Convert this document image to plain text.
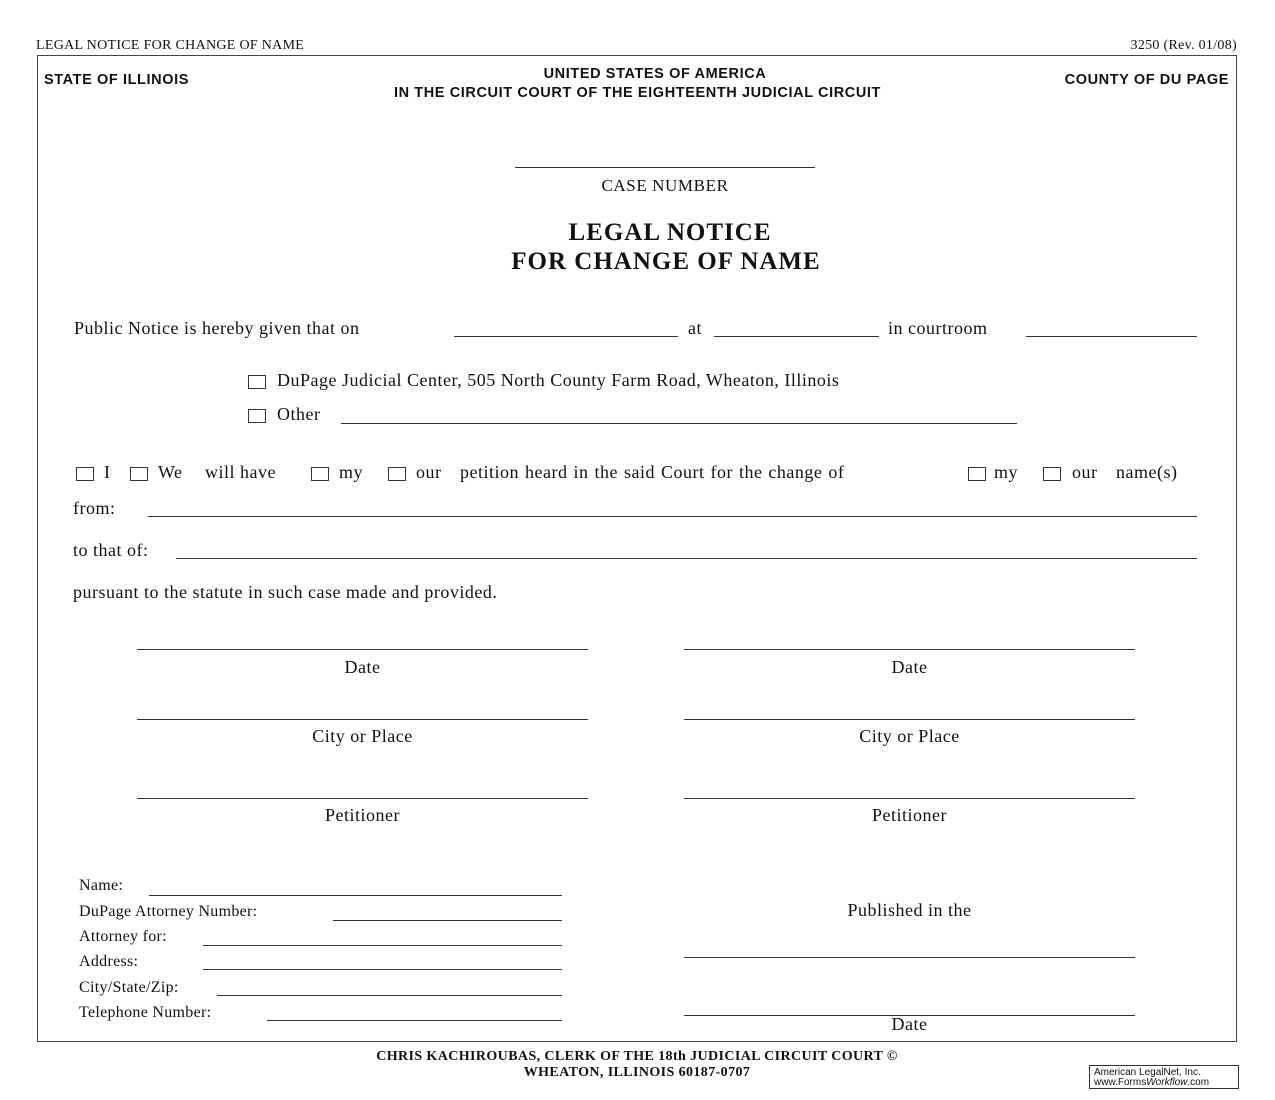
LEGAL NOTICE FOR CHANGE OF NAME	3250 (Rev. 01/08)
STATE OF ILLINOIS	UNITED STATES OF AMERICA
IN THE CIRCUIT COURT OF THE EIGHTEENTH JUDICIAL CIRCUIT
COUNTY OF DU PAGE
CASE NUMBER
LEGAL NOTICE
FOR CHANGE OF NAME
Public Notice is hereby given that on	at	in courtroom
DuPage Judicial Center, 505 North County Farm Road, Wheaton, Illinois
Other
I	We will have	my	our petition heard in the said Court for the change of	my	our name(s)
from:
to that of:
pursuant to the statute in such case made and provided.
Date
City or Place
Petitioner
Date
City or Place
Petitioner
Name:
DuPage Attorney Number:
Attorney for:
Address:
City/State/Zip:
Telephone Number:
Published in the
Date
CHRIS KACHIROUBAS, CLERK OF THE 18th JUDICIAL CIRCUIT COURT ©
WHEATON, ILLINOIS 60187-0707	American LegalNet, Inc.
www.FormsWorkflow.com
